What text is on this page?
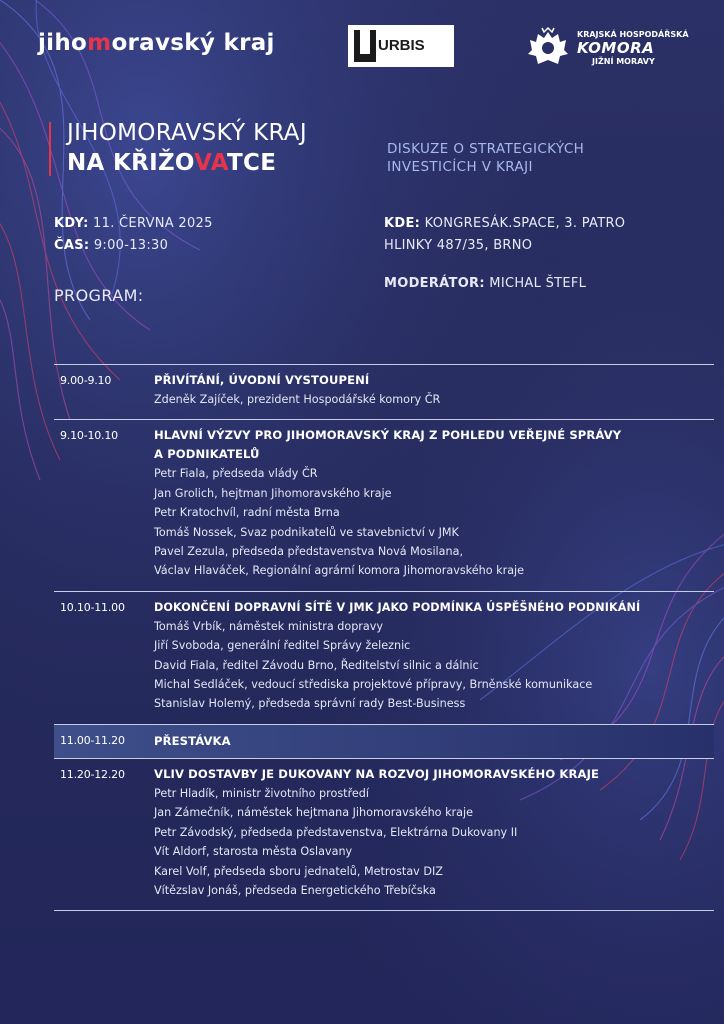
jihomoravský kraj	URBIS
KRAJSKÁ HOSPODÁŘSKÁ
KOMORA
JIŽNÍ MORAVY
JIHOMORAVSKÝ KRAJ
NA KŘIŽOVATCE
DISKUZE O STRATEGICKÝCH
INVESTICÍCH V KRAJI
KDY: 11. ČERVNA 2025
ČAS: 9:00-13:30
KDE: KONGRESÁK.SPACE, 3. PATRO
HLINKY 487/35, BRNO
MODERÁTOR: MICHAL ŠTEFL
PROGRAM:
9.00-9.10	PŘIVÍTÁNÍ, ÚVODNÍ VYSTOUPENÍ
Zdeněk Zajíček, prezident Hospodářské komory ČR
9.10-10.10	HLAVNÍ VÝZVY PRO JIHOMORAVSKÝ KRAJ Z POHLEDU VEŘEJNÉ SPRÁVY A PODNIKATELŮ
Petr Fiala, předseda vlády ČR
Jan Grolich, hejtman Jihomoravského kraje
Petr Kratochvíl, radní města Brna
Tomáš Nossek, Svaz podnikatelů ve stavebnictví v JMK
Pavel Zezula, předseda představenstva Nová Mosilana,
Václav Hlaváček, Regionální agrární komora Jihomoravského kraje
10.10-11.00	DOKONČENÍ DOPRAVNÍ SÍTĚ V JMK JAKO PODMÍNKA ÚSPĚŠNÉHO PODNIKÁNÍ
Tomáš Vrbík, náměstek ministra dopravy
Jiří Svoboda, generální ředitel Správy železnic
David Fiala, ředitel Závodu Brno, Ředitelství silnic a dálnic
Michal Sedláček, vedoucí střediska projektové přípravy, Brněnské komunikace
Stanislav Holemý, předseda správní rady Best-Business
11.00-11.20	PŘESTÁVKA
11.20-12.20	VLIV DOSTAVBY JE DUKOVANY NA ROZVOJ JIHOMORAVSKÉHO KRAJE
Petr Hladík, ministr životního prostředí
Jan Zámečník, náměstek hejtmana Jihomoravského kraje
Petr Závodský, předseda představenstva, Elektrárna Dukovany II
Vít Aldorf, starosta města Oslavany
Karel Volf, předseda sboru jednatelů, Metrostav DIZ
Vítězslav Jonáš, předseda Energetického Třebíčska
